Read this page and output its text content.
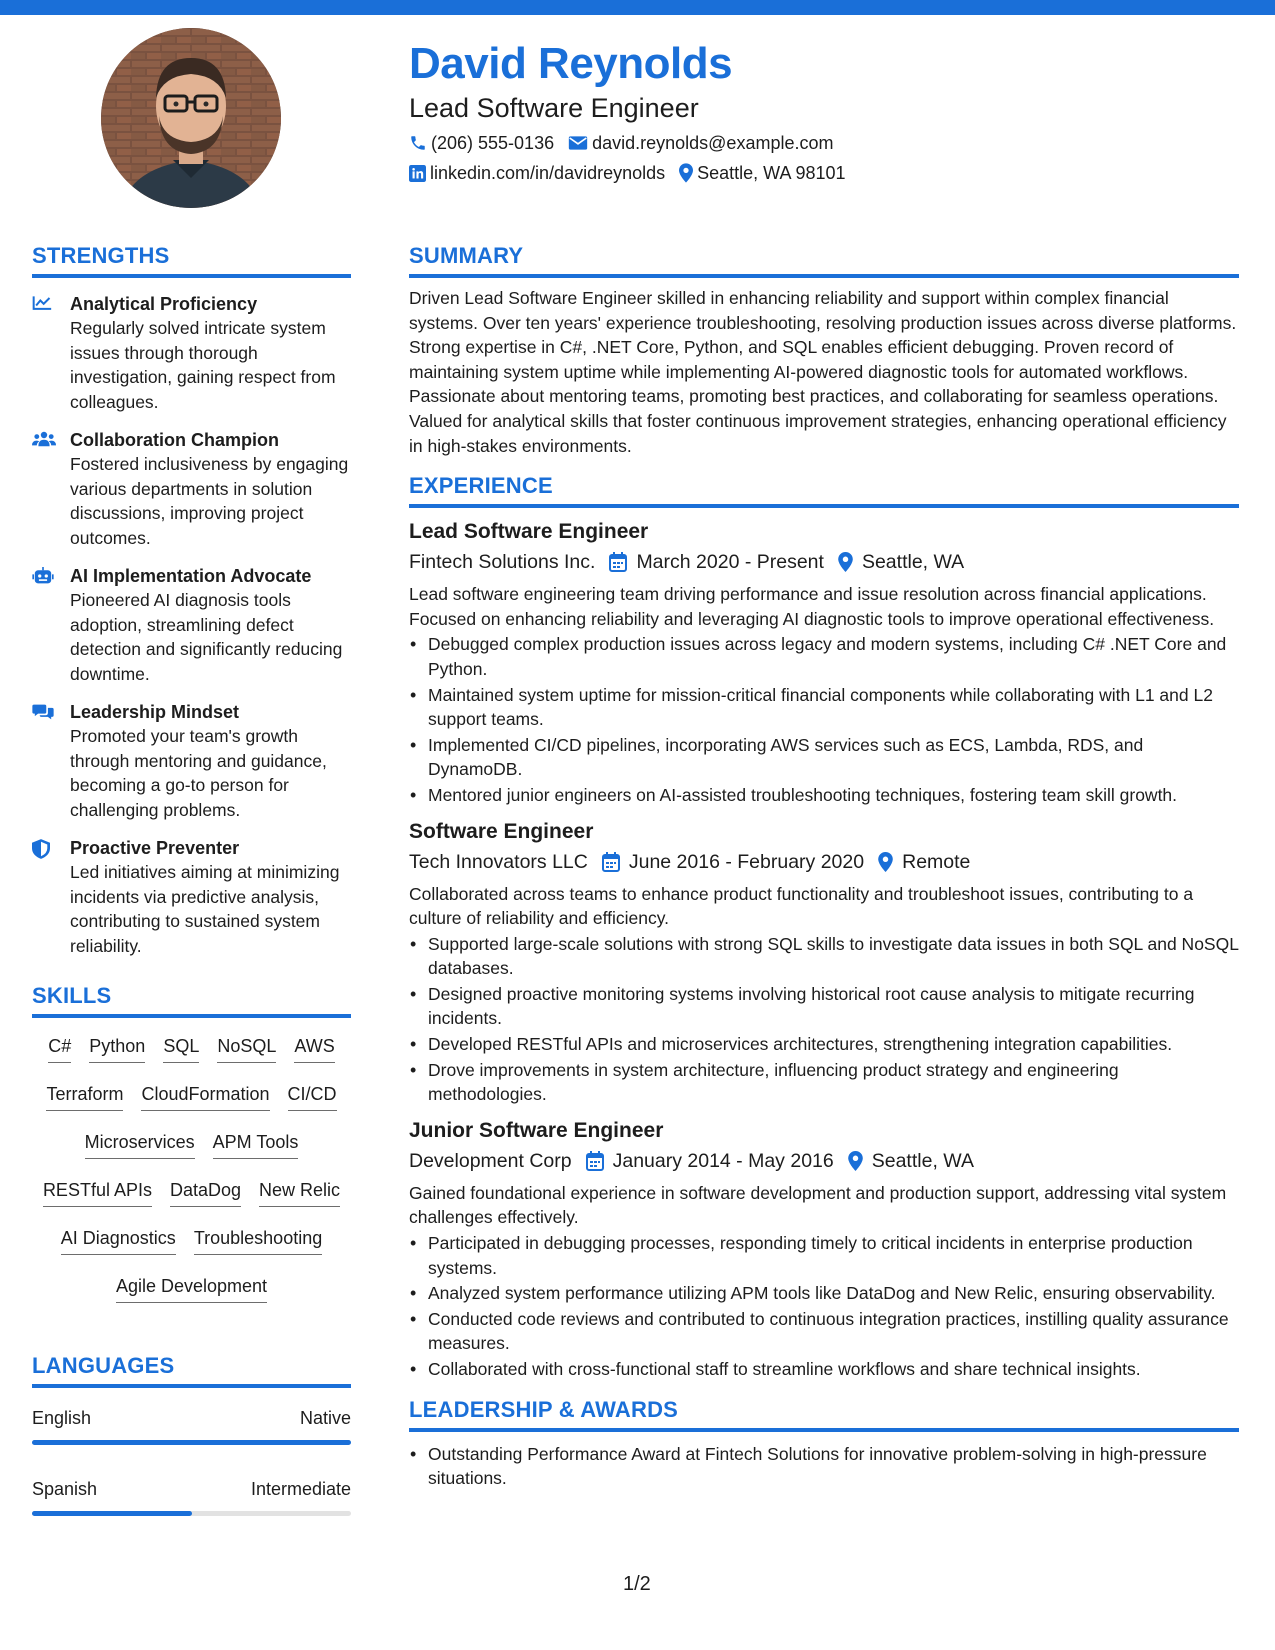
David Reynolds
Lead Software Engineer
(206) 555-0136 david.reynolds@example.com
linkedin.com/in/davidreynolds Seattle, WA 98101
STRENGTHS
Analytical Proficiency
Regularly solved intricate system issues through thorough investigation, gaining respect from colleagues.
Collaboration Champion
Fostered inclusiveness by engaging various departments in solution discussions, improving project outcomes.
AI Implementation Advocate
Pioneered AI diagnosis tools adoption, streamlining defect detection and significantly reducing downtime.
Leadership Mindset
Promoted your team's growth through mentoring and guidance, becoming a go-to person for challenging problems.
Proactive Preventer
Led initiatives aiming at minimizing incidents via predictive analysis, contributing to sustained system reliability.
SKILLS
C# Python SQL NoSQL AWS
Terraform CloudFormation CI/CD
Microservices APM Tools
RESTful APIs DataDog New Relic
AI Diagnostics Troubleshooting
Agile Development
LANGUAGES
English	Native
Spanish	Intermediate
SUMMARY
Driven Lead Software Engineer skilled in enhancing reliability and support within complex financial systems. Over ten years' experience troubleshooting, resolving production issues across diverse platforms. Strong expertise in C#, .NET Core, Python, and SQL enables efficient debugging. Proven record of maintaining system uptime while implementing AI-powered diagnostic tools for automated workflows. Passionate about mentoring teams, promoting best practices, and collaborating for seamless operations. Valued for analytical skills that foster continuous improvement strategies, enhancing operational efficiency in high-stakes environments.
EXPERIENCE
Lead Software Engineer
Fintech Solutions Inc. March 2020 - Present Seattle, WA
Lead software engineering team driving performance and issue resolution across financial applications. Focused on enhancing reliability and leveraging AI diagnostic tools to improve operational effectiveness.
• Debugged complex production issues across legacy and modern systems, including C# .NET Core and Python.
• Maintained system uptime for mission-critical financial components while collaborating with L1 and L2 support teams.
• Implemented CI/CD pipelines, incorporating AWS services such as ECS, Lambda, RDS, and DynamoDB.
• Mentored junior engineers on AI-assisted troubleshooting techniques, fostering team skill growth.
Software Engineer
Tech Innovators LLC June 2016 - February 2020 Remote
Collaborated across teams to enhance product functionality and troubleshoot issues, contributing to a culture of reliability and efficiency.
• Supported large-scale solutions with strong SQL skills to investigate data issues in both SQL and NoSQL databases.
• Designed proactive monitoring systems involving historical root cause analysis to mitigate recurring incidents.
• Developed RESTful APIs and microservices architectures, strengthening integration capabilities.
• Drove improvements in system architecture, influencing product strategy and engineering methodologies.
Junior Software Engineer
Development Corp January 2014 - May 2016 Seattle, WA
Gained foundational experience in software development and production support, addressing vital system challenges effectively.
• Participated in debugging processes, responding timely to critical incidents in enterprise production systems.
• Analyzed system performance utilizing APM tools like DataDog and New Relic, ensuring observability.
• Conducted code reviews and contributed to continuous integration practices, instilling quality assurance measures.
• Collaborated with cross-functional staff to streamline workflows and share technical insights.
LEADERSHIP & AWARDS
• Outstanding Performance Award at Fintech Solutions for innovative problem-solving in high-pressure situations.
1/2
